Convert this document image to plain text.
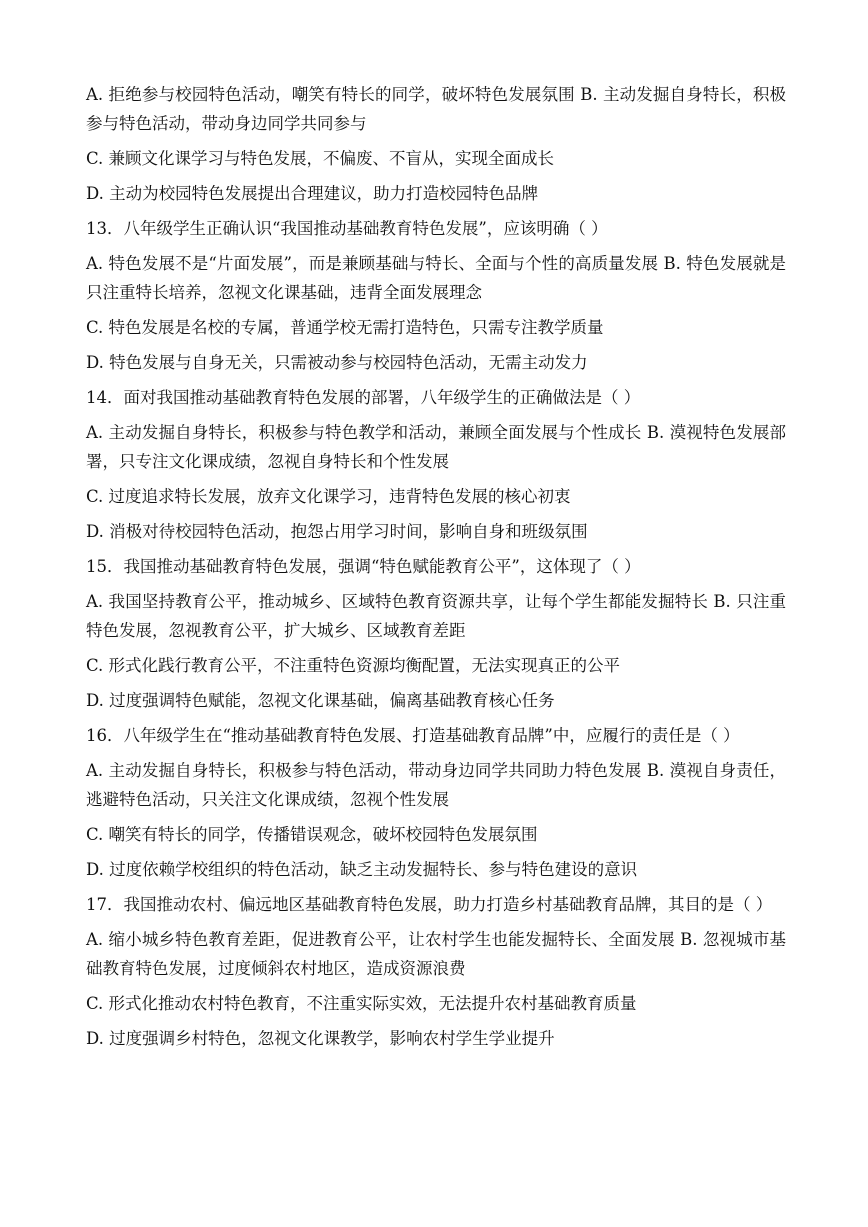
A. 拒绝参与校园特色活动，嘲笑有特长的同学，破坏特色发展氛围 B. 主动发掘自身特长，积极参与特色活动，带动身边同学共同参与

C. 兼顾文化课学习与特色发展，不偏废、不盲从，实现全面成长

D. 主动为校园特色发展提出合理建议，助力打造校园特色品牌

13．八年级学生正确认识“我国推动基础教育特色发展”，应该明确（ ）

A. 特色发展不是“片面发展”，而是兼顾基础与特长、全面与个性的高质量发展 B. 特色发展就是只注重特长培养，忽视文化课基础，违背全面发展理念

C. 特色发展是名校的专属，普通学校无需打造特色，只需专注教学质量

D. 特色发展与自身无关，只需被动参与校园特色活动，无需主动发力

14．面对我国推动基础教育特色发展的部署，八年级学生的正确做法是（ ）

A. 主动发掘自身特长，积极参与特色教学和活动，兼顾全面发展与个性成长 B. 漠视特色发展部署，只专注文化课成绩，忽视自身特长和个性发展

C. 过度追求特长发展，放弃文化课学习，违背特色发展的核心初衷

D. 消极对待校园特色活动，抱怨占用学习时间，影响自身和班级氛围

15．我国推动基础教育特色发展，强调“特色赋能教育公平”，这体现了（ ）

A. 我国坚持教育公平，推动城乡、区域特色教育资源共享，让每个学生都能发掘特长 B. 只注重特色发展，忽视教育公平，扩大城乡、区域教育差距

C. 形式化践行教育公平，不注重特色资源均衡配置，无法实现真正的公平

D. 过度强调特色赋能，忽视文化课基础，偏离基础教育核心任务

16．八年级学生在“推动基础教育特色发展、打造基础教育品牌”中，应履行的责任是（ ）

A. 主动发掘自身特长，积极参与特色活动，带动身边同学共同助力特色发展 B. 漠视自身责任，逃避特色活动，只关注文化课成绩，忽视个性发展

C. 嘲笑有特长的同学，传播错误观念，破坏校园特色发展氛围

D. 过度依赖学校组织的特色活动，缺乏主动发掘特长、参与特色建设的意识

17．我国推动农村、偏远地区基础教育特色发展，助力打造乡村基础教育品牌，其目的是（ ）

A. 缩小城乡特色教育差距，促进教育公平，让农村学生也能发掘特长、全面发展 B. 忽视城市基础教育特色发展，过度倾斜农村地区，造成资源浪费

C. 形式化推动农村特色教育，不注重实际实效，无法提升农村基础教育质量

D. 过度强调乡村特色，忽视文化课教学，影响农村学生学业提升
